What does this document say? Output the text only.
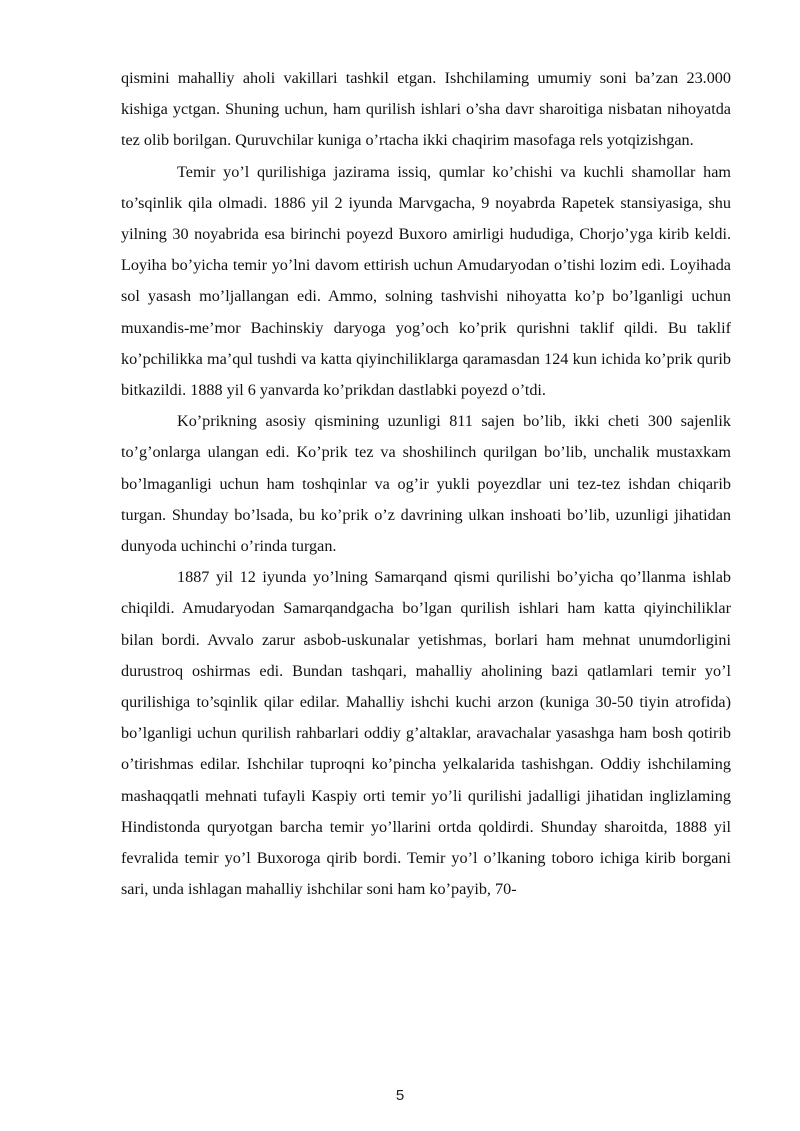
qismini mahalliy aholi vakillari tashkil etgan. Ishchilaming umumiy soni ba’zan 23.000 kishiga yctgan. Shuning uchun, ham qurilish ishlari o’sha davr sharoitiga nisbatan nihoyatda tez olib borilgan. Quruvchilar kuniga o’rtacha ikki chaqirim masofaga rels yotqizishgan.

Temir yo’l qurilishiga jazirama issiq, qumlar ko’chishi va kuchli shamollar ham to’sqinlik qila olmadi. 1886 yil 2 iyunda Marvgacha, 9 noyabrda Rapetek stansiyasiga, shu yilning 30 noyabrida esa birinchi poyezd Buxoro amirligi hududiga, Chorjo’yga kirib keldi. Loyiha bo’yicha temir yo’lni davom ettirish uchun Amudaryodan o’tishi lozim edi. Loyihada sol yasash mo’ljallangan edi. Ammo, solning tashvishi nihoyatta ko’p bo’lganligi uchun muxandis-me’mor Bachinskiy daryoga yog’och ko’prik qurishni taklif qildi. Bu taklif ko’pchilikka ma’qul tushdi va katta qiyinchiliklarga qaramasdan 124 kun ichida ko’prik qurib bitkazildi. 1888 yil 6 yanvarda ko’prikdan dastlabki poyezd o’tdi.

Ko’prikning asosiy qismining uzunligi 811 sajen bo’lib, ikki cheti 300 sajenlik to’g’onlarga ulangan edi. Ko’prik tez va shoshilinch qurilgan bo’lib, unchalik mustaxkam bo’lmaganligi uchun ham toshqinlar va og’ir yukli poyezdlar uni tez-tez ishdan chiqarib turgan. Shunday bo’lsada, bu ko’prik o’z davrining ulkan inshoati bo’lib, uzunligi jihatidan dunyoda uchinchi o’rinda turgan.

1887 yil 12 iyunda yo’lning Samarqand qismi qurilishi bo’yicha qo’llanma ishlab chiqildi. Amudaryodan Samarqandgacha bo’lgan qurilish ishlari ham katta qiyinchiliklar bilan bordi. Avvalo zarur asbob-uskunalar yetishmas, borlari ham mehnat unumdorligini durustroq oshirmas edi. Bundan tashqari, mahalliy aholining bazi qatlamlari temir yo’l qurilishiga to’sqinlik qilar edilar. Mahalliy ishchi kuchi arzon (kuniga 30-50 tiyin atrofida) bo’lganligi uchun qurilish rahbarlari oddiy g’altaklar, aravachalar yasashga ham bosh qotirib o’tirishmas edilar. Ishchilar tuproqni ko’pincha yelkalarida tashishgan. Oddiy ishchilaming mashaqqatli mehnati tufayli Kaspiy orti temir yo’li qurilishi jadalligi jihatidan inglizlaming Hindistonda quryotgan barcha temir yo’llarini ortda qoldirdi. Shunday sharoitda, 1888 yil fevralida temir yo’l Buxoroga qirib bordi. Temir yo’l o’lkaning toboro ichiga kirib borgani sari, unda ishlagan mahalliy ishchilar soni ham ko’payib, 70-

5
